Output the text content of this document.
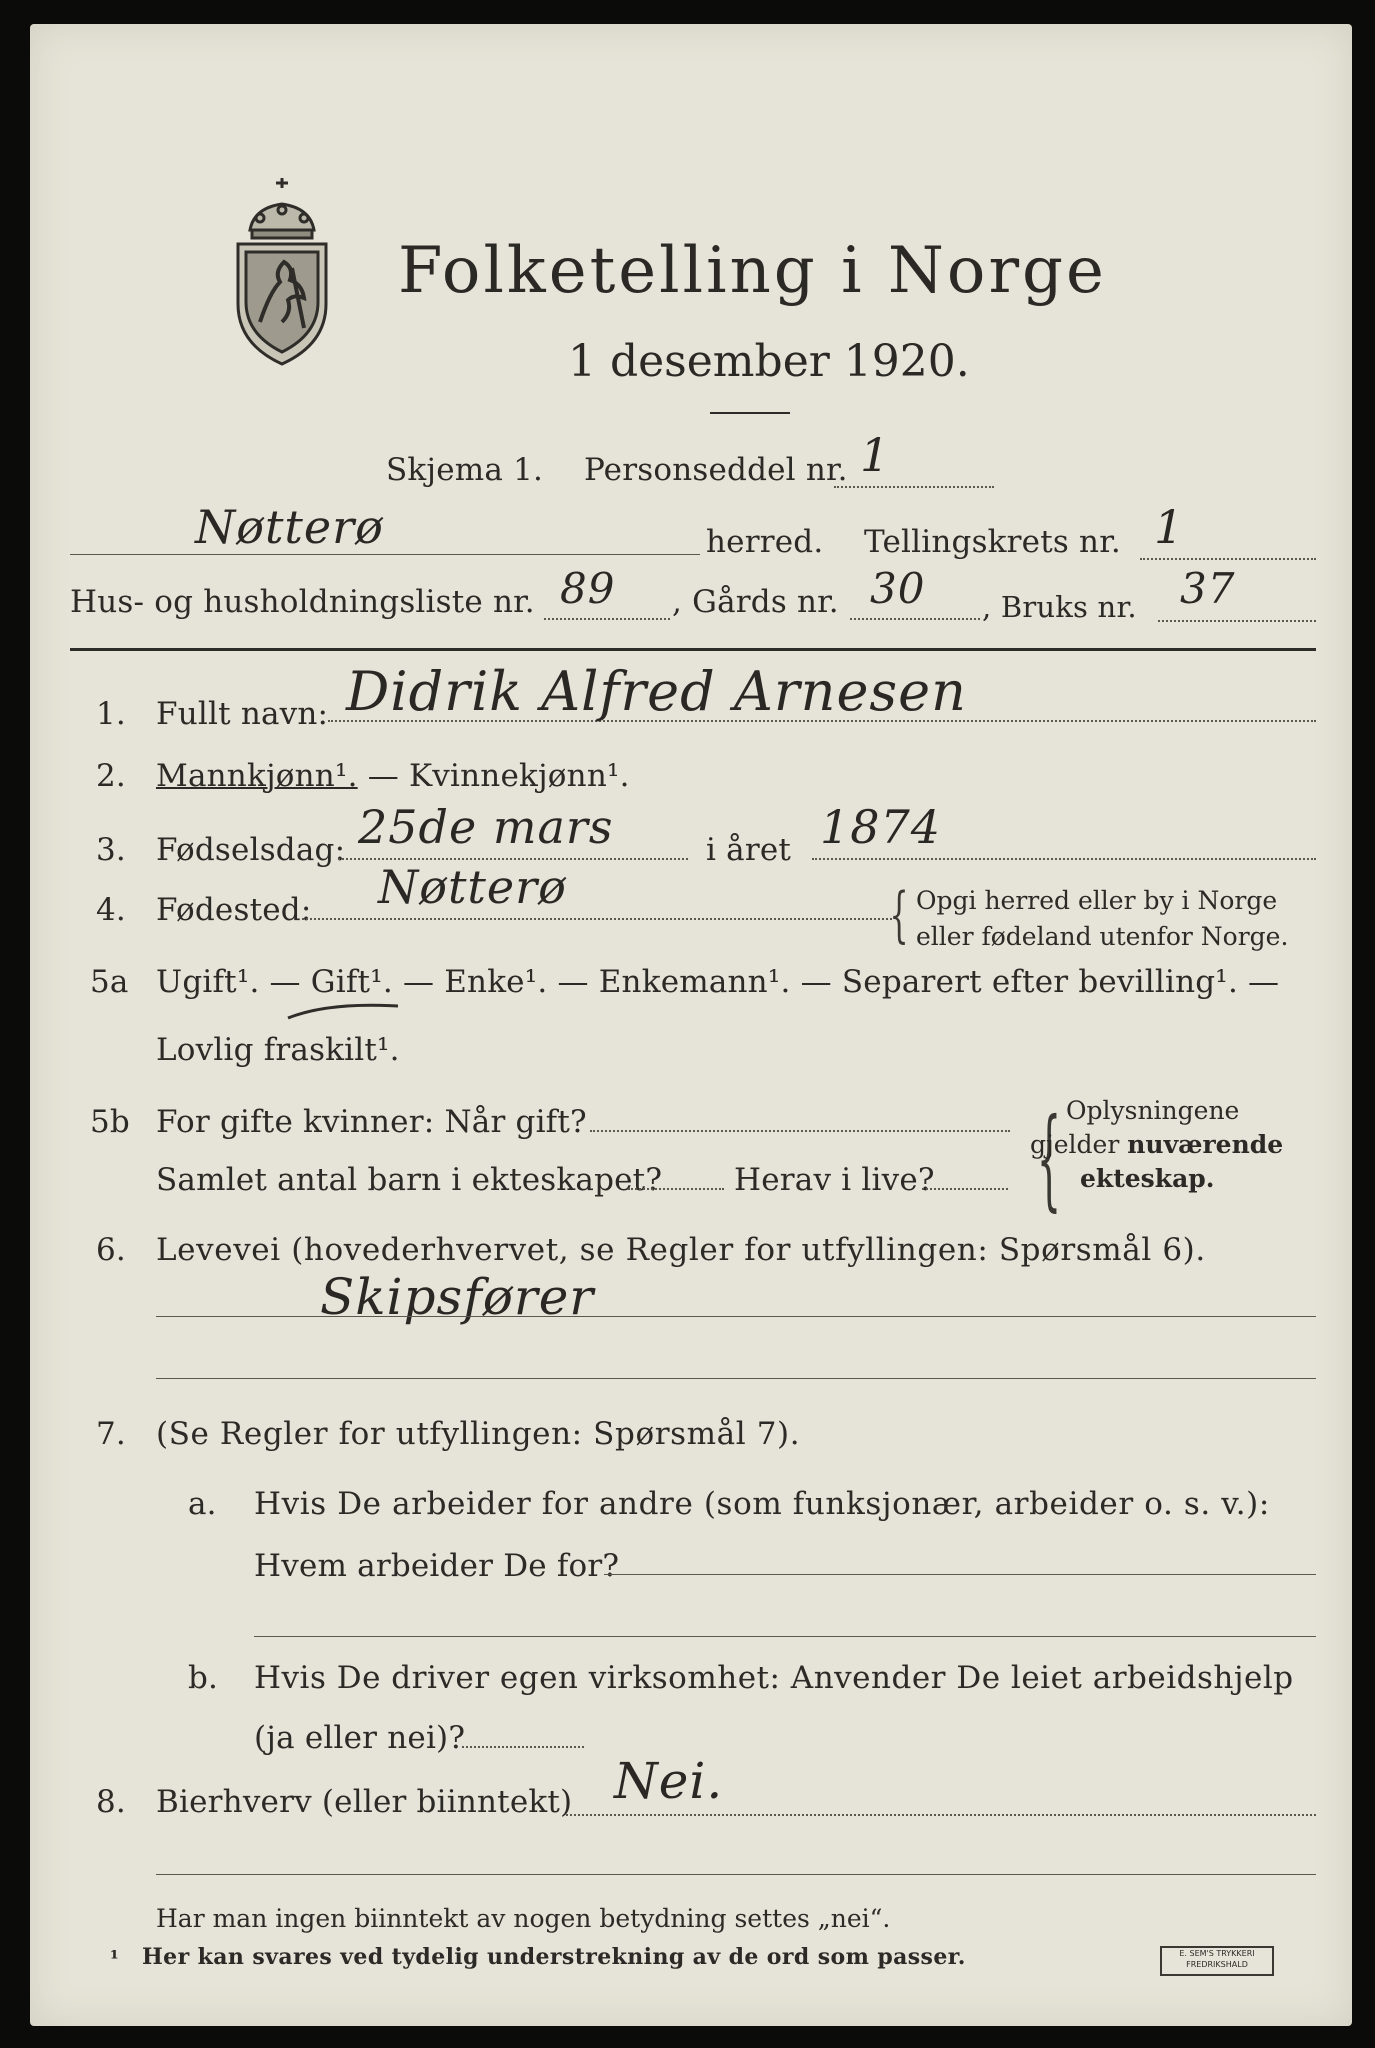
Folketelling i Norge
1 desember 1920.
Skjema 1. Personseddel nr. 1
Nøtterø	herred. Tellingskrets nr. 1
Hus- og husholdningsliste nr. 89 , Gårds nr. 30 , Bruks nr. 37
1. Fullt navn: Didrik Alfred Arnesen
2. Mannkjønn¹. — Kvinnekjønn¹.
3. Fødselsdag: 25de mars	i året 1874
4. Fødested: Nøtterø	{ Opgi herred eller by i Norge
eller fødeland utenfor Norge.
5a Ugift¹. — Gift¹. — Enke¹. — Enkemann¹. — Separert efter bevilling¹. —
Lovlig fraskilt¹.
5b For gifte kvinner: Når gift?
Samlet antal barn i ekteskapet? Herav i live? { Oplysningene
gjelder nuværende
ekteskap.
6. Levevei (hovederhvervet, se Regler for utfyllingen: Spørsmål 6).
Skipsfører
7. (Se Regler for utfyllingen: Spørsmål 7).
a. Hvis De arbeider for andre (som funksjonær, arbeider o. s. v.):
Hvem arbeider De for?
b. Hvis De driver egen virksomhet: Anvender De leiet arbeidshjelp
(ja eller nei)?
8. Bierhverv (eller biinntekt) Nei.
Har man ingen biinntekt av nogen betydning settes „nei“.
¹ Her kan svares ved tydelig understrekning av de ord som passer.	E. SEM'S TRYKKERI
FREDRIKSHALD
